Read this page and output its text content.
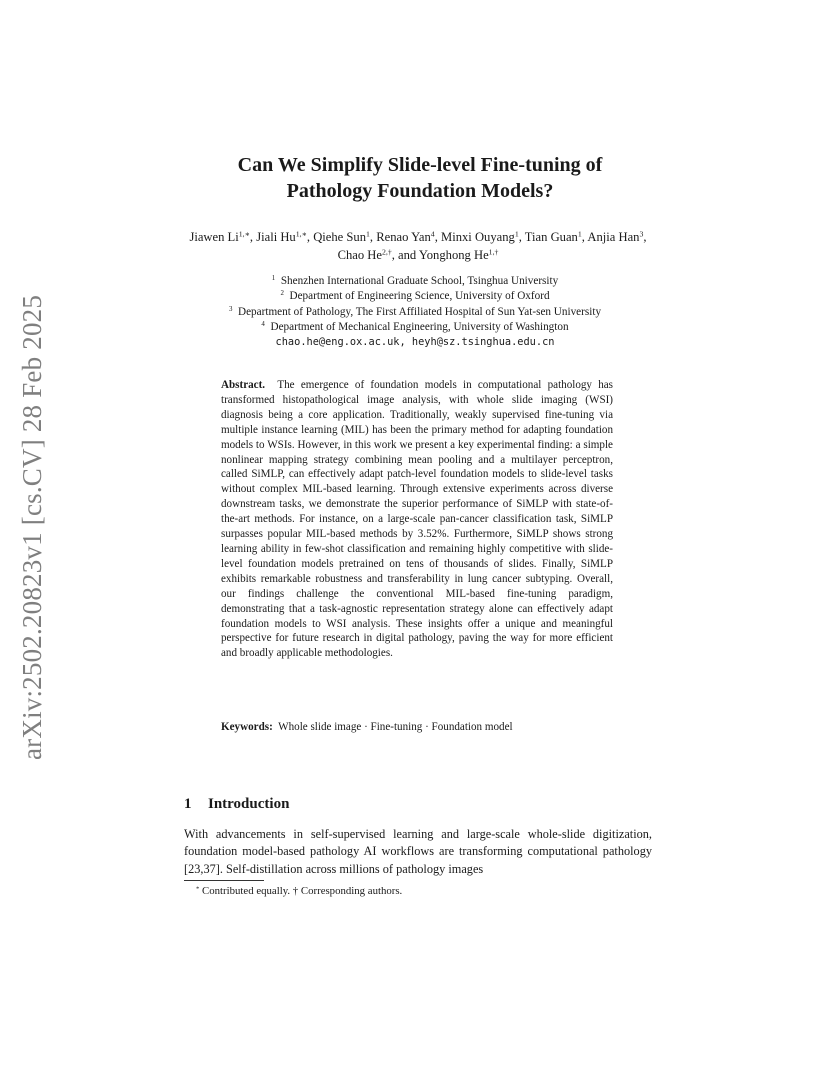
arXiv:2502.20823v1 [cs.CV] 28 Feb 2025
Can We Simplify Slide-level Fine-tuning of
Pathology Foundation Models?
Jiawen $Li^{1,∗}$, Jiali $Hu^{1,∗}$, Qiehe Sun$^1$, Renao Yan$^4$, Minxi Ouyang$^1$, Tian Guan$^1$, Anjia Han$^3$, Chao $He^{2,\dagger}$, and Yonghong $He^{1,\dagger}$
$^1$ Shenzhen International Graduate School, Tsinghua University
$^2$ Department of Engineering Science, University of Oxford
$^3$ Department of Pathology, The First Affiliated Hospital of Sun Yat-sen University
$^4$ Department of Mechanical Engineering, University of Washington
chao.he@eng.ox.ac.uk, heyh@sz.tsinghua.edu.cn
Abstract. The emergence of foundation models in computational pathology has transformed histopathological image analysis, with whole slide imaging (WSI) diagnosis being a core application. Traditionally, weakly supervised fine-tuning via multiple instance learning (MIL) has been the primary method for adapting foundation models to WSIs. However, in this work we present a key experimental finding: a simple nonlinear mapping strategy combining mean pooling and a multilayer perceptron, called SiMLP, can effectively adapt patch-level foundation models to slide-level tasks without complex MIL-based learning. Through extensive experiments across diverse downstream tasks, we demonstrate the superior performance of SiMLP with state-of-the-art methods. For instance, on a large-scale pan-cancer classification task, SiMLP surpasses popular MIL-based methods by 3.52%. Furthermore, SiMLP shows strong learning ability in few-shot classification and remaining highly competitive with slide-level foundation models pretrained on tens of thousands of slides. Finally, SiMLP exhibits remarkable robustness and transferability in lung cancer subtyping. Overall, our findings challenge the conventional MIL-based fine-tuning paradigm, demonstrating that a task-agnostic representation strategy alone can effectively adapt foundation models to WSI analysis. These insights offer a unique and meaningful perspective for future research in digital pathology, paving the way for more efficient and broadly applicable methodologies.
Keywords: Whole slide image · Fine-tuning · Foundation model
1 Introduction
With advancements in self-supervised learning and large-scale whole-slide digitization, foundation model-based pathology AI workflows are transforming computational pathology [23,37]. Self-distillation across millions of pathology images
* Contributed equally. † Corresponding authors.
